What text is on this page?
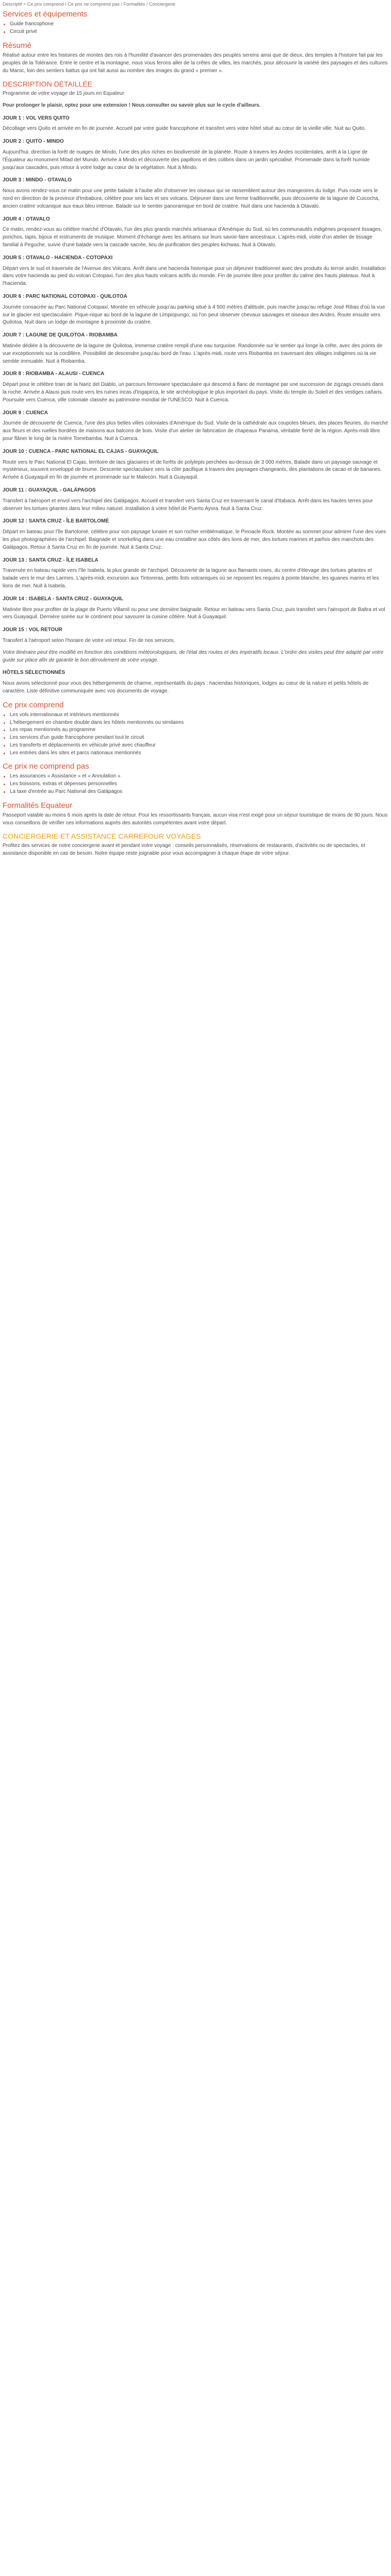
Descriptif > Ce prix comprend / Ce prix ne comprend pas / Formalités / Conciergerie
Services et équipements
Guide francophone
Circuit privé
Résumé

Réalisé autour entre les histoires de montes des rois à l'humilité d'avancer des promenades des peuples sereins ainsi que de dieux, des temples à l'histoire fait par les peuples de la Tolérance. Entre le centre et la montagne, nous vous ferons aller de la crêtes de villes, les marchés, pour découvrir la variété des paysages et des cultures du Maroc, loin des sentiers battus qui ont fait aussi au nombre des images du grand « premier ».

DESCRIPTION DÉTAILLÉE

Programme de votre voyage de 15 jours en Equateur

Pour prolonger le plaisir, optez pour une extension ! Nous consulter ou savoir plus sur le cycle d'ailleurs.

JOUR 1 : VOL VERS QUITO

Décollage vers Quito et arrivée en fin de journée. Accueil par votre guide francophone et transfert vers votre hôtel situé au cœur de la vieille ville. Nuit au Quito.

JOUR 2 : QUITO - MINDO

Aujourd'hui, direction la forêt de nuages de Mindo, l'une des plus riches en biodiversité de la planète. Route à travers les Andes occidentales, arrêt à la Ligne de l'Équateur au monument Mitad del Mundo. Arrivée à Mindo et découverte des papillons et des colibris dans un jardin spécialisé. Promenade dans la forêt humide jusqu'aux cascades, puis retour à votre lodge au cœur de la végétation. Nuit à Mindo.

JOUR 3 : MINDO - OTAVALO

Nous avons rendez-vous ce matin pour une petite balade à l'aube afin d'observer les oiseaux qui se rassemblent autour des mangeoires du lodge. Puis route vers le nord en direction de la province d'Imbabura, célèbre pour ses lacs et ses volcans. Déjeuner dans une ferme traditionnelle, puis découverte de la lagune de Cuicocha, ancien cratère volcanique aux eaux bleu intense. Balade sur le sentier panoramique en bord de cratère. Nuit dans une hacienda à Otavalo.

JOUR 4 : OTAVALO

Ce matin, rendez-vous au célèbre marché d'Otavalo, l'un des plus grands marchés artisanaux d'Amérique du Sud, où les communautés indigènes proposent tissages, ponchos, tapis, bijoux et instruments de musique. Moment d'échange avec les artisans sur leurs savoir-faire ancestraux. L'après-midi, visite d'un atelier de tissage familial à Peguche, suivie d'une balade vers la cascade sacrée, lieu de purification des peuples kichwas. Nuit à Otavalo.

JOUR 5 : OTAVALO - HACIENDA - COTOPAXI

Départ vers le sud et traversée de l'Avenue des Volcans. Arrêt dans une hacienda historique pour un déjeuner traditionnel avec des produits du terroir andin. Installation dans votre hacienda au pied du volcan Cotopaxi, l'un des plus hauts volcans actifs du monde. Fin de journée libre pour profiter du calme des hauts plateaux. Nuit à l'hacienda.

JOUR 6 : PARC NATIONAL COTOPAXI - QUILOTOA

Journée consacrée au Parc National Cotopaxi. Montée en véhicule jusqu'au parking situé à 4 500 mètres d'altitude, puis marche jusqu'au refuge José Ribas d'où la vue sur le glacier est spectaculaire. Pique-nique au bord de la lagune de Limpiopungo, où l'on peut observer chevaux sauvages et oiseaux des Andes. Route ensuite vers Quilotoa. Nuit dans un lodge de montagne à proximité du cratère.

JOUR 7 : LAGUNE DE QUILOTOA - RIOBAMBA

Matinée dédiée à la découverte de la lagune de Quilotoa, immense cratère rempli d'une eau turquoise. Randonnée sur le sentier qui longe la crête, avec des points de vue exceptionnels sur la cordillère. Possibilité de descendre jusqu'au bord de l'eau. L'après-midi, route vers Riobamba en traversant des villages indigènes où la vie semble immuable. Nuit à Riobamba.

JOUR 8 : RIOBAMBA - ALAUSI - CUENCA

Départ pour le célèbre train de la Nariz del Diablo, un parcours ferroviaire spectaculaire qui descend à flanc de montagne par une succession de zigzags creusés dans la roche. Arrivée à Alausi puis route vers les ruines incas d'Ingapirca, le site archéologique le plus important du pays. Visite du temple du Soleil et des vestiges cañaris. Poursuite vers Cuenca, ville coloniale classée au patrimoine mondial de l'UNESCO. Nuit à Cuenca.

JOUR 9 : CUENCA

Journée de découverte de Cuenca, l'une des plus belles villes coloniales d'Amérique du Sud. Visite de la cathédrale aux coupoles bleues, des places fleuries, du marché aux fleurs et des ruelles bordées de maisons aux balcons de bois. Visite d'un atelier de fabrication de chapeaux Panama, véritable fierté de la région. Après-midi libre pour flâner le long de la rivière Tomebamba. Nuit à Cuenca.

JOUR 10 : CUENCA - PARC NATIONAL EL CAJAS - GUAYAQUIL

Route vers le Parc National El Cajas, territoire de lacs glaciaires et de forêts de polylepis perchées au-dessus de 3 000 mètres. Balade dans un paysage sauvage et mystérieux, souvent enveloppé de brume. Descente spectaculaire vers la côte pacifique à travers des paysages changeants, des plantations de cacao et de bananes. Arrivée à Guayaquil en fin de journée et promenade sur le Malecón. Nuit à Guayaquil.

JOUR 11 : GUAYAQUIL - GALÁPAGOS

Transfert à l'aéroport et envol vers l'archipel des Galápagos. Accueil et transfert vers Santa Cruz en traversant le canal d'Itabaca. Arrêt dans les hautes terres pour observer les tortues géantes dans leur milieu naturel. Installation à votre hôtel de Puerto Ayora. Nuit à Santa Cruz.

JOUR 12 : SANTA CRUZ - ÎLE BARTOLOMÉ

Départ en bateau pour l'île Bartolomé, célèbre pour son paysage lunaire et son rocher emblématique, le Pinnacle Rock. Montée au sommet pour admirer l'une des vues les plus photographiées de l'archipel. Baignade et snorkeling dans une eau cristalline aux côtés des lions de mer, des tortues marines et parfois des manchots des Galápagos. Retour à Santa Cruz en fin de journée. Nuit à Santa Cruz.

JOUR 13 : SANTA CRUZ - ÎLE ISABELA

Traversée en bateau rapide vers l'île Isabela, la plus grande de l'archipel. Découverte de la lagune aux flamants roses, du centre d'élevage des tortues géantes et balade vers le mur des Larmes. L'après-midi, excursion aux Tintoreras, petits îlots volcaniques où se reposent les requins à pointe blanche, les iguanes marins et les lions de mer. Nuit à Isabela.

JOUR 14 : ISABELA - SANTA CRUZ - GUAYAQUIL

Matinée libre pour profiter de la plage de Puerto Villamil ou pour une dernière baignade. Retour en bateau vers Santa Cruz, puis transfert vers l'aéroport de Baltra et vol vers Guayaquil. Dernière soirée sur le continent pour savourer la cuisine côtière. Nuit à Guayaquil.

JOUR 15 : VOL RETOUR

Transfert à l'aéroport selon l'horaire de votre vol retour. Fin de nos services.

Votre itinéraire peut être modifié en fonction des conditions météorologiques, de l'état des routes et des impératifs locaux. L'ordre des visites peut être adapté par votre guide sur place afin de garantir le bon déroulement de votre voyage.

HÔTELS SÉLECTIONNÉS

Nous avons sélectionné pour vous des hébergements de charme, représentatifs du pays : haciendas historiques, lodges au cœur de la nature et petits hôtels de caractère. Liste définitive communiquée avec vos documents de voyage.

Ce prix comprend
Les vols internationaux et intérieurs mentionnés
L'hébergement en chambre double dans les hôtels mentionnés ou similaires
Les repas mentionnés au programme
Les services d'un guide francophone pendant tout le circuit
Les transferts et déplacements en véhicule privé avec chauffeur
Les entrées dans les sites et parcs nationaux mentionnés
Ce prix ne comprend pas
Les assurances « Assistance » et « Annulation »
Les boissons, extras et dépenses personnelles
La taxe d'entrée au Parc National des Galápagos
Formalités Equateur

Passeport valable au moins 6 mois après la date de retour. Pour les ressortissants français, aucun visa n'est exigé pour un séjour touristique de moins de 90 jours. Nous vous conseillons de vérifier ces informations auprès des autorités compétentes avant votre départ.

CONCIERGERIE ET ASSISTANCE CARREFOUR VOYAGES

Profitez des services de notre conciergerie avant et pendant votre voyage : conseils personnalisés, réservations de restaurants, d'activités ou de spectacles, et assistance disponible en cas de besoin. Notre équipe reste joignable pour vous accompagner à chaque étape de votre séjour.
